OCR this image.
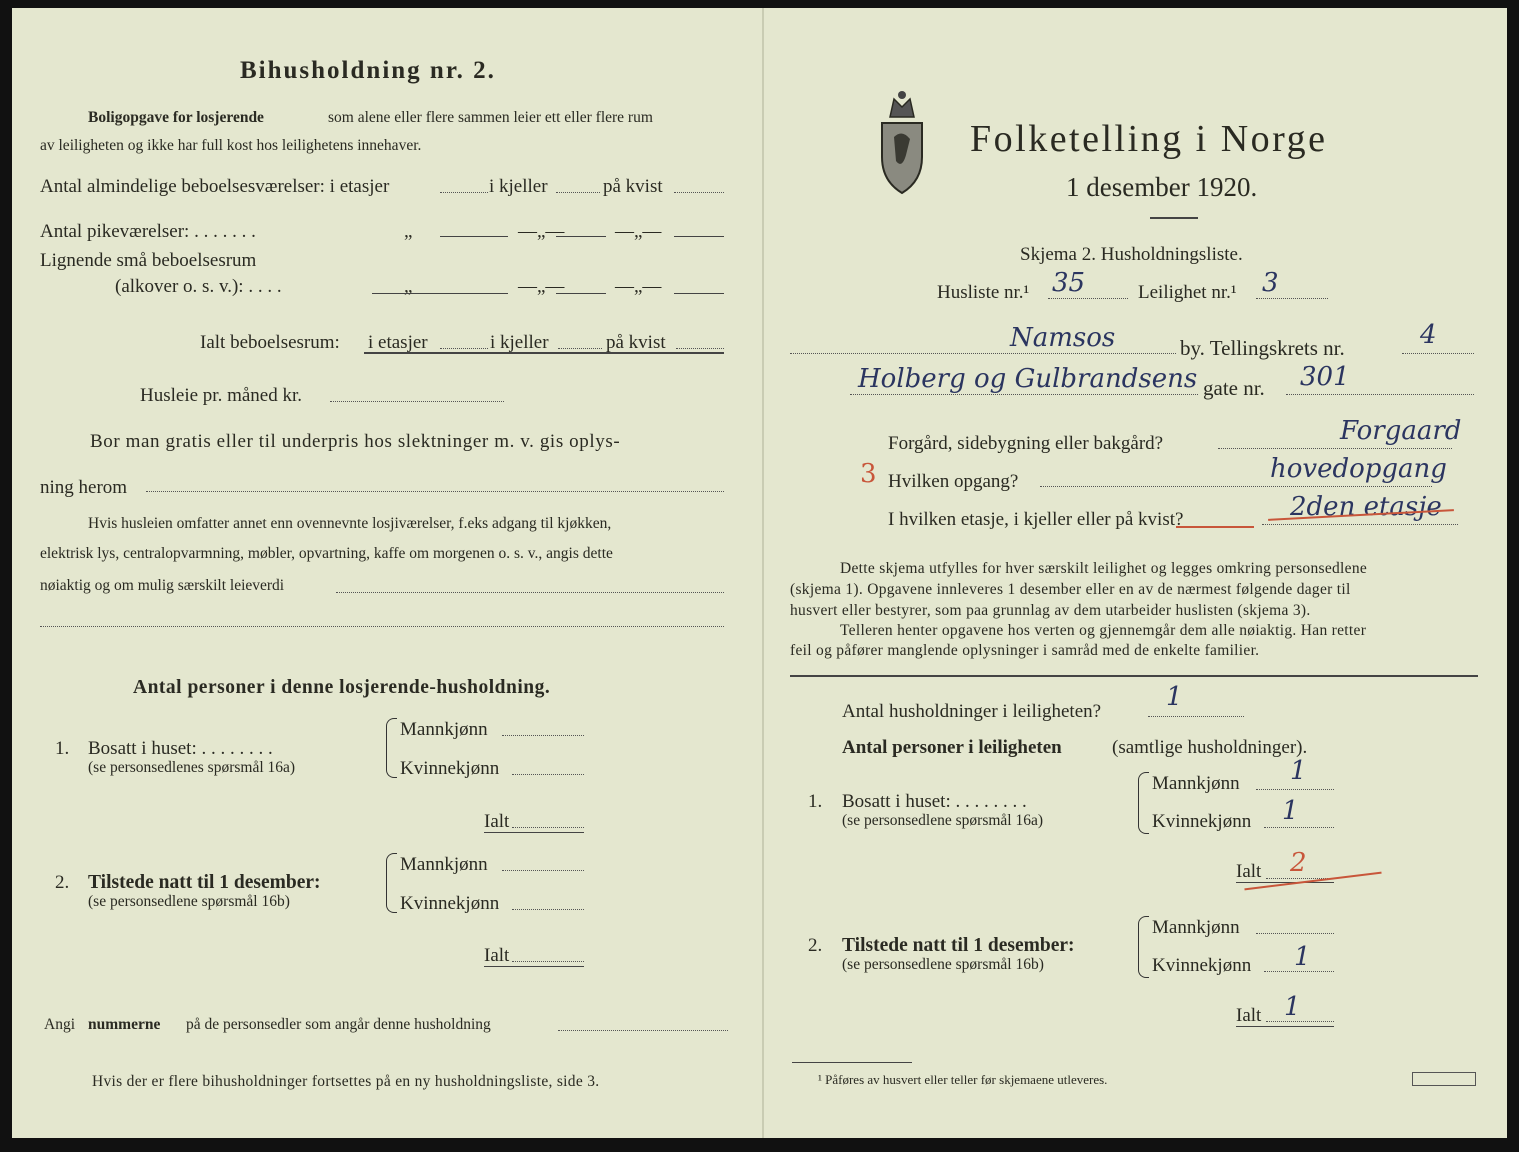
Bihusholdning nr. 2.
Boligopgave for losjerende	som alene eller flere sammen leier ett eller flere rum
av leiligheten og ikke har full kost hos leilighetens innehaver.
Antal almindelige beboelsesværelser: i etasjer	i kjeller	på kvist
Antal pikeværelser: . . . . . . .	„	—„—	—„—
Lignende små beboelsesrum
(alkover o. s. v.): . . . .	„	—„—	—„—
Ialt beboelsesrum: i etasjer	i kjeller	på kvist
Husleie pr. måned kr.
Bor man gratis eller til underpris hos slektninger m. v. gis oplys-
ning herom
Hvis husleien omfatter annet enn ovennevnte losjiværelser, f.eks adgang til kjøkken,
elektrisk lys, centralopvarmning, møbler, opvartning, kaffe om morgenen o. s. v., angis dette
nøiaktig og om mulig særskilt leieverdi
Antal personer i denne losjerende-husholdning.
1. Bosatt i huset: . . . . . . . .
(se personsedlenes spørsmål 16a)
Mannkjønn
Kvinnekjønn
Ialt
2. Tilstede natt til 1 desember:
(se personsedlene spørsmål 16b)
Mannkjønn
Kvinnekjønn
Ialt
Angi nummerne på de personsedler som angår denne husholdning
Hvis der er flere bihusholdninger fortsettes på en ny husholdningsliste, side 3.
Folketelling i Norge
1 desember 1920.
Skjema 2. Husholdningsliste.
Husliste nr.¹ 35	Leilighet nr.¹ 3
Namsos	by. Tellingskrets nr.	4
Holberg og Gulbrandsens gate nr. 301
Forgård, sidebygning eller bakgård?	Forgaard
3 Hvilken opgang?	hovedopgang
I hvilken etasje, i kjeller eller på kvist?	2den etasje
Dette skjema utfylles for hver særskilt leilighet og legges omkring personsedlene
(skjema 1). Opgavene innleveres 1 desember eller en av de nærmest følgende dager til
husvert eller bestyrer, som paa grunnlag av dem utarbeider huslisten (skjema 3).
Telleren henter opgavene hos verten og gjennemgår dem alle nøiaktig. Han retter
feil og påfører manglende oplysninger i samråd med de enkelte familier.
Antal husholdninger i leiligheten? 1
Antal personer i leiligheten	(samtlige husholdninger).
1. Bosatt i huset: . . . . . . . .
(se personsedlene spørsmål 16a)
Mannkjønn 1
Kvinnekjønn 1
Ialt 2
2. Tilstede natt til 1 desember:
(se personsedlene spørsmål 16b)
Mannkjønn
Kvinnekjønn 1
Ialt 1
¹ Påføres av husvert eller teller før skjemaene utleveres.
